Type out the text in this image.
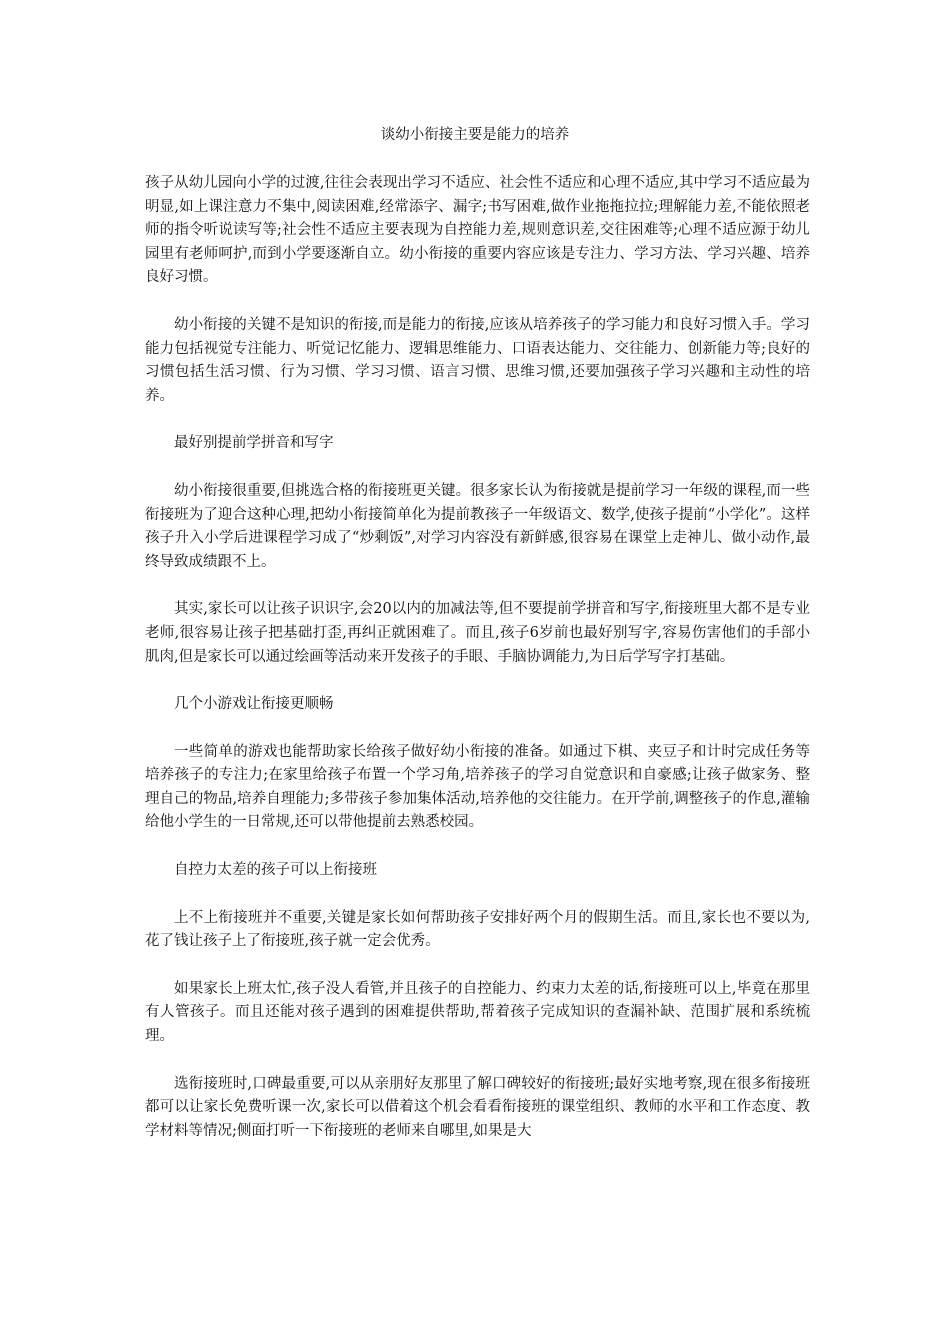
谈幼小衔接主要是能力的培养

孩子从幼儿园向小学的过渡,往往会表现出学习不适应、社会性不适应和心理不适应,其中学习不适应最为明显,如上课注意力不集中,阅读困难,经常添字、漏字;书写困难,做作业拖拖拉拉;理解能力差,不能依照老师的指令听说读写等;社会性不适应主要表现为自控能力差,规则意识差,交往困难等;心理不适应源于幼儿园里有老师呵护,而到小学要逐渐自立。幼小衔接的重要内容应该是专注力、学习方法、学习兴趣、培养良好习惯。

幼小衔接的关键不是知识的衔接,而是能力的衔接,应该从培养孩子的学习能力和良好习惯入手。学习能力包括视觉专注能力、听觉记忆能力、逻辑思维能力、口语表达能力、交往能力、创新能力等;良好的习惯包括生活习惯、行为习惯、学习习惯、语言习惯、思维习惯,还要加强孩子学习兴趣和主动性的培养。

最好别提前学拼音和写字

幼小衔接很重要,但挑选合格的衔接班更关键。很多家长认为衔接就是提前学习一年级的课程,而一些衔接班为了迎合这种心理,把幼小衔接简单化为提前教孩子一年级语文、数学,使孩子提前“小学化”。这样孩子升入小学后进课程学习成了“炒剩饭”,对学习内容没有新鲜感,很容易在课堂上走神儿、做小动作,最终导致成绩跟不上。

其实,家长可以让孩子识识字,会20以内的加减法等,但不要提前学拼音和写字,衔接班里大都不是专业老师,很容易让孩子把基础打歪,再纠正就困难了。而且,孩子6岁前也最好别写字,容易伤害他们的手部小肌肉,但是家长可以通过绘画等活动来开发孩子的手眼、手脑协调能力,为日后学写字打基础。

几个小游戏让衔接更顺畅

一些简单的游戏也能帮助家长给孩子做好幼小衔接的准备。如通过下棋、夹豆子和计时完成任务等培养孩子的专注力;在家里给孩子布置一个学习角,培养孩子的学习自觉意识和自豪感;让孩子做家务、整理自己的物品,培养自理能力;多带孩子参加集体活动,培养他的交往能力。在开学前,调整孩子的作息,灌输给他小学生的一日常规,还可以带他提前去熟悉校园。

自控力太差的孩子可以上衔接班

上不上衔接班并不重要,关键是家长如何帮助孩子安排好两个月的假期生活。而且,家长也不要以为,花了钱让孩子上了衔接班,孩子就一定会优秀。

如果家长上班太忙,孩子没人看管,并且孩子的自控能力、约束力太差的话,衔接班可以上,毕竟在那里有人管孩子。而且还能对孩子遇到的困难提供帮助,帮着孩子完成知识的查漏补缺、范围扩展和系统梳理。

选衔接班时,口碑最重要,可以从亲朋好友那里了解口碑较好的衔接班;最好实地考察,现在很多衔接班都可以让家长免费听课一次,家长可以借着这个机会看看衔接班的课堂组织、教师的水平和工作态度、教学材料等情况;侧面打听一下衔接班的老师来自哪里,如果是大
